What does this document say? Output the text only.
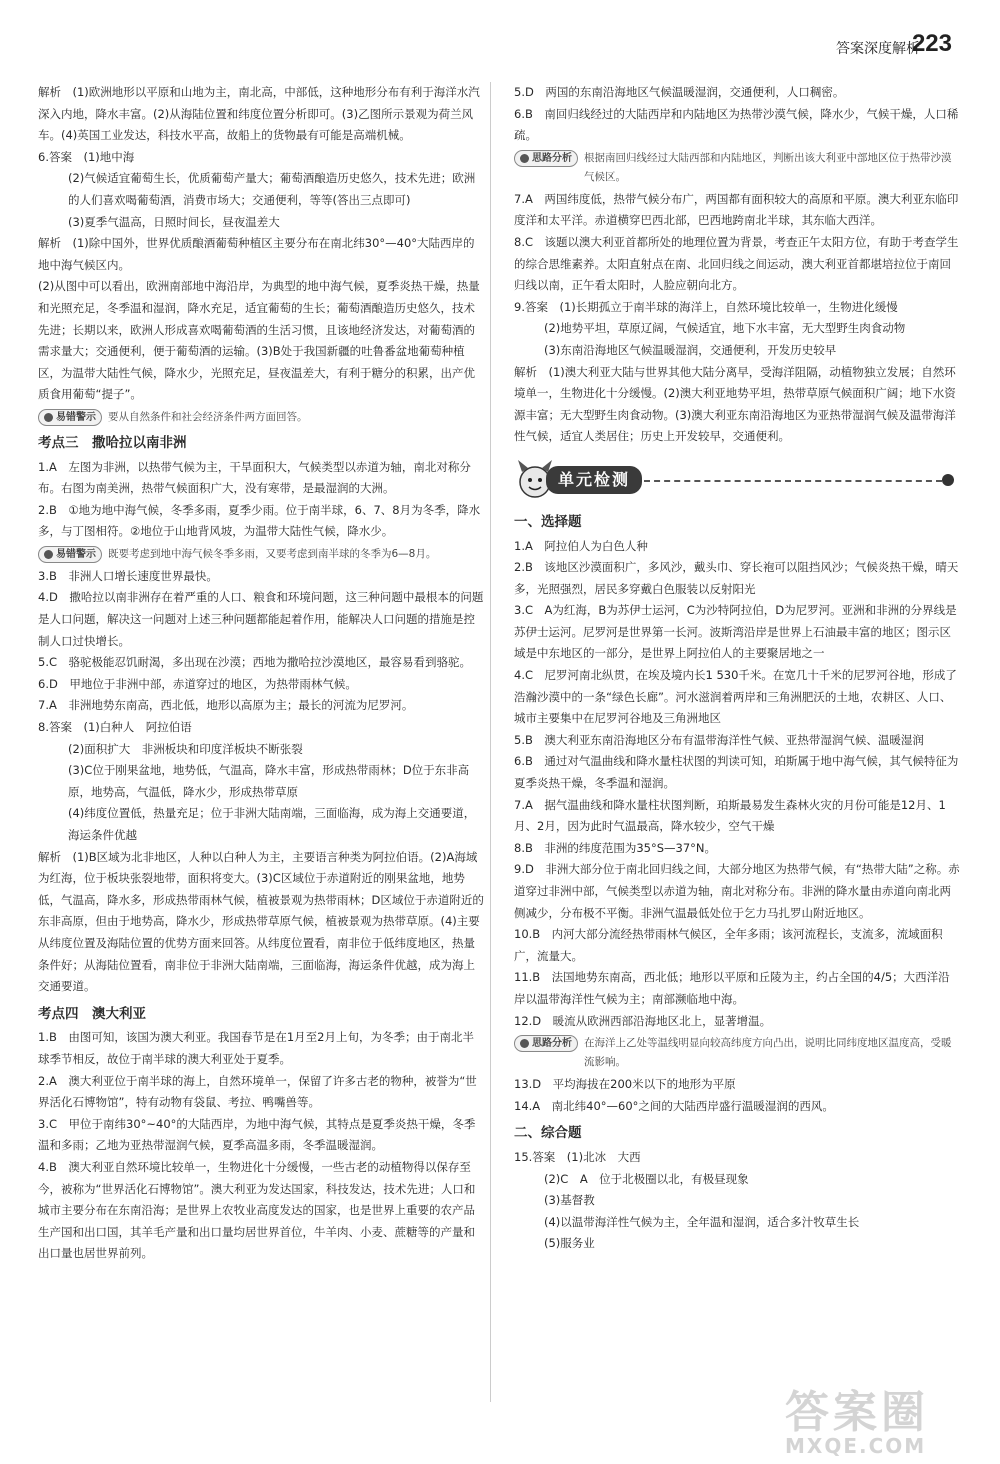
答案深度解析
223

解析　(1)欧洲地形以平原和山地为主，南北高，中部低，这种地形分布有利于海洋水汽深入内地，降水丰富。(2)从海陆位置和纬度位置分析即可。(3)乙图所示景观为荷兰风车。(4)英国工业发达，科技水平高，故船上的货物最有可能是高端机械。

6.答案　(1)地中海

(2)气候适宜葡萄生长，优质葡萄产量大；葡萄酒酿造历史悠久，技术先进；欧洲的人们喜欢喝葡萄酒，消费市场大；交通便利，等等(答出三点即可)

(3)夏季气温高，日照时间长，昼夜温差大

解析　(1)除中国外，世界优质酿酒葡萄种植区主要分布在南北纬30°—40°大陆西岸的地中海气候区内。

(2)从图中可以看出，欧洲南部地中海沿岸，为典型的地中海气候，夏季炎热干燥，热量和光照充足，冬季温和湿润，降水充足，适宜葡萄的生长；葡萄酒酿造历史悠久，技术先进；长期以来，欧洲人形成喜欢喝葡萄酒的生活习惯，且该地经济发达，对葡萄酒的需求量大；交通便利，便于葡萄酒的运输。(3)B处于我国新疆的吐鲁番盆地葡萄种植区，为温带大陆性气候，降水少，光照充足，昼夜温差大，有利于糖分的积累，出产优质食用葡萄“提子”。

易错警示 要从自然条件和社会经济条件两方面回答。

考点三　撒哈拉以南非洲

1.A　左图为非洲，以热带气候为主，干旱面积大，气候类型以赤道为轴，南北对称分布。右图为南美洲，热带气候面积广大，没有寒带，是最湿润的大洲。

2.B　①地为地中海气候，冬季多雨，夏季少雨。位于南半球，6、7、8月为冬季，降水多，与丁图相符。②地位于山地背风坡，为温带大陆性气候，降水少。

易错警示 既要考虑到地中海气候冬季多雨，又要考虑到南半球的冬季为6—8月。

3.B　非洲人口增长速度世界最快。

4.D　撒哈拉以南非洲存在着严重的人口、粮食和环境问题，这三种问题中最根本的问题是人口问题，解决这一问题对上述三种问题都能起着作用，能解决人口问题的措施是控制人口过快增长。

5.C　骆驼极能忍饥耐渴，多出现在沙漠；西地为撒哈拉沙漠地区，最容易看到骆驼。

6.D　甲地位于非洲中部，赤道穿过的地区，为热带雨林气候。

7.A　非洲地势东南高，西北低，地形以高原为主；最长的河流为尼罗河。

8.答案　(1)白种人　阿拉伯语

(2)面积扩大　非洲板块和印度洋板块不断张裂

(3)C位于刚果盆地，地势低，气温高，降水丰富，形成热带雨林；D位于东非高原，地势高，气温低，降水少，形成热带草原

(4)纬度位置低，热量充足；位于非洲大陆南端，三面临海，成为海上交通要道，海运条件优越

解析　(1)B区域为北非地区，人种以白种人为主，主要语言种类为阿拉伯语。(2)A海域为红海，位于板块张裂地带，面积将变大。(3)C区域位于赤道附近的刚果盆地，地势低，气温高，降水多，形成热带雨林气候，植被景观为热带雨林；D区域位于赤道附近的东非高原，但由于地势高，降水少，形成热带草原气候，植被景观为热带草原。(4)主要从纬度位置及海陆位置的优势方面来回答。从纬度位置看，南非位于低纬度地区，热量条件好；从海陆位置看，南非位于非洲大陆南端，三面临海，海运条件优越，成为海上交通要道。

考点四　澳大利亚

1.B　由图可知，该国为澳大利亚。我国春节是在1月至2月上旬，为冬季；由于南北半球季节相反，故位于南半球的澳大利亚处于夏季。

2.A　澳大利亚位于南半球的海上，自然环境单一，保留了许多古老的物种，被誉为“世界活化石博物馆”，特有动物有袋鼠、考拉、鸭嘴兽等。

3.C　甲位于南纬30°~40°的大陆西岸，为地中海气候，其特点是夏季炎热干燥，冬季温和多雨；乙地为亚热带湿润气候，夏季高温多雨，冬季温暖湿润。

4.B　澳大利亚自然环境比较单一，生物进化十分缓慢，一些古老的动植物得以保存至今，被称为“世界活化石博物馆”。澳大利亚为发达国家，科技发达，技术先进；人口和城市主要分布在东南沿海；是世界上农牧业高度发达的国家，也是世界上重要的农产品生产国和出口国，其羊毛产量和出口量均居世界首位，牛羊肉、小麦、蔗糖等的产量和出口量也居世界前列。

5.D　两国的东南沿海地区气候温暖湿润，交通便利，人口稠密。

6.B　南回归线经过的大陆西岸和内陆地区为热带沙漠气候，降水少，气候干燥，人口稀疏。

思路分析 根据南回归线经过大陆西部和内陆地区，判断出该大利亚中部地区位于热带沙漠气候区。

7.A　两国纬度低，热带气候分布广，两国都有面积较大的高原和平原。澳大利亚东临印度洋和太平洋。赤道横穿巴西北部，巴西地跨南北半球，其东临大西洋。

8.C　该题以澳大利亚首都所处的地理位置为背景，考查正午太阳方位，有助于考查学生的综合思维素养。太阳直射点在南、北回归线之间运动，澳大利亚首都堪培拉位于南回归线以南，正午看太阳时，人脸应朝向北方。

9.答案　(1)长期孤立于南半球的海洋上，自然环境比较单一，生物进化缓慢

(2)地势平坦，草原辽阔，气候适宜，地下水丰富，无大型野生肉食动物

(3)东南沿海地区气候温暖湿润，交通便利，开发历史较早

解析　(1)澳大利亚大陆与世界其他大陆分离早，受海洋阻隔，动植物独立发展；自然环境单一，生物进化十分缓慢。(2)澳大利亚地势平坦，热带草原气候面积广阔；地下水资源丰富；无大型野生肉食动物。(3)澳大利亚东南沿海地区为亚热带湿润气候及温带海洋性气候，适宜人类居住；历史上开发较早，交通便利。

单元检测

一、选择题

1.A　阿拉伯人为白色人种

2.B　该地区沙漠面积广，多风沙，戴头巾、穿长袍可以阻挡风沙；气候炎热干燥，晴天多，光照强烈，居民多穿戴白色服装以反射阳光

3.C　A为红海，B为苏伊士运河，C为沙特阿拉伯，D为尼罗河。亚洲和非洲的分界线是苏伊士运河。尼罗河是世界第一长河。波斯湾沿岸是世界上石油最丰富的地区；图示区域是中东地区的一部分，是世界上阿拉伯人的主要聚居地之一

4.C　尼罗河南北纵贯，在埃及境内长1 530千米。在宽几十千米的尼罗河谷地，形成了浩瀚沙漠中的一条“绿色长廊”。河水滋润着两岸和三角洲肥沃的土地，农耕区、人口、城市主要集中在尼罗河谷地及三角洲地区

5.B　澳大利亚东南沿海地区分布有温带海洋性气候、亚热带湿润气候、温暖湿润

6.B　通过对气温曲线和降水量柱状图的判读可知，珀斯属于地中海气候，其气候特征为夏季炎热干燥，冬季温和湿润。

7.A　据气温曲线和降水量柱状图判断，珀斯最易发生森林火灾的月份可能是12月、1月、2月，因为此时气温最高，降水较少，空气干燥

8.B　非洲的纬度范围为35°S—37°N。

9.D　非洲大部分位于南北回归线之间，大部分地区为热带气候，有“热带大陆”之称。赤道穿过非洲中部，气候类型以赤道为轴，南北对称分布。非洲的降水量由赤道向南北两侧减少，分布极不平衡。非洲气温最低处位于乞力马扎罗山附近地区。

10.B　内河大部分流经热带雨林气候区，全年多雨；该河流程长，支流多，流域面积广，流量大。

11.B　法国地势东南高，西北低；地形以平原和丘陵为主，约占全国的4/5；大西洋沿岸以温带海洋性气候为主；南部濒临地中海。

12.D　暖流从欧洲西部沿海地区北上，显著增温。

思路分析 在海洋上乙处等温线明显向较高纬度方向凸出，说明比同纬度地区温度高，受暖流影响。

13.D　平均海拔在200米以下的地形为平原

14.A　南北纬40°—60°之间的大陆西岸盛行温暖湿润的西风。

二、综合题

15.答案　(1)北冰　大西

(2)C　A　位于北极圈以北，有极昼现象

(3)基督教

(4)以温带海洋性气候为主，全年温和湿润，适合多汁牧草生长

(5)服务业

答案圈
MXQE.COM
